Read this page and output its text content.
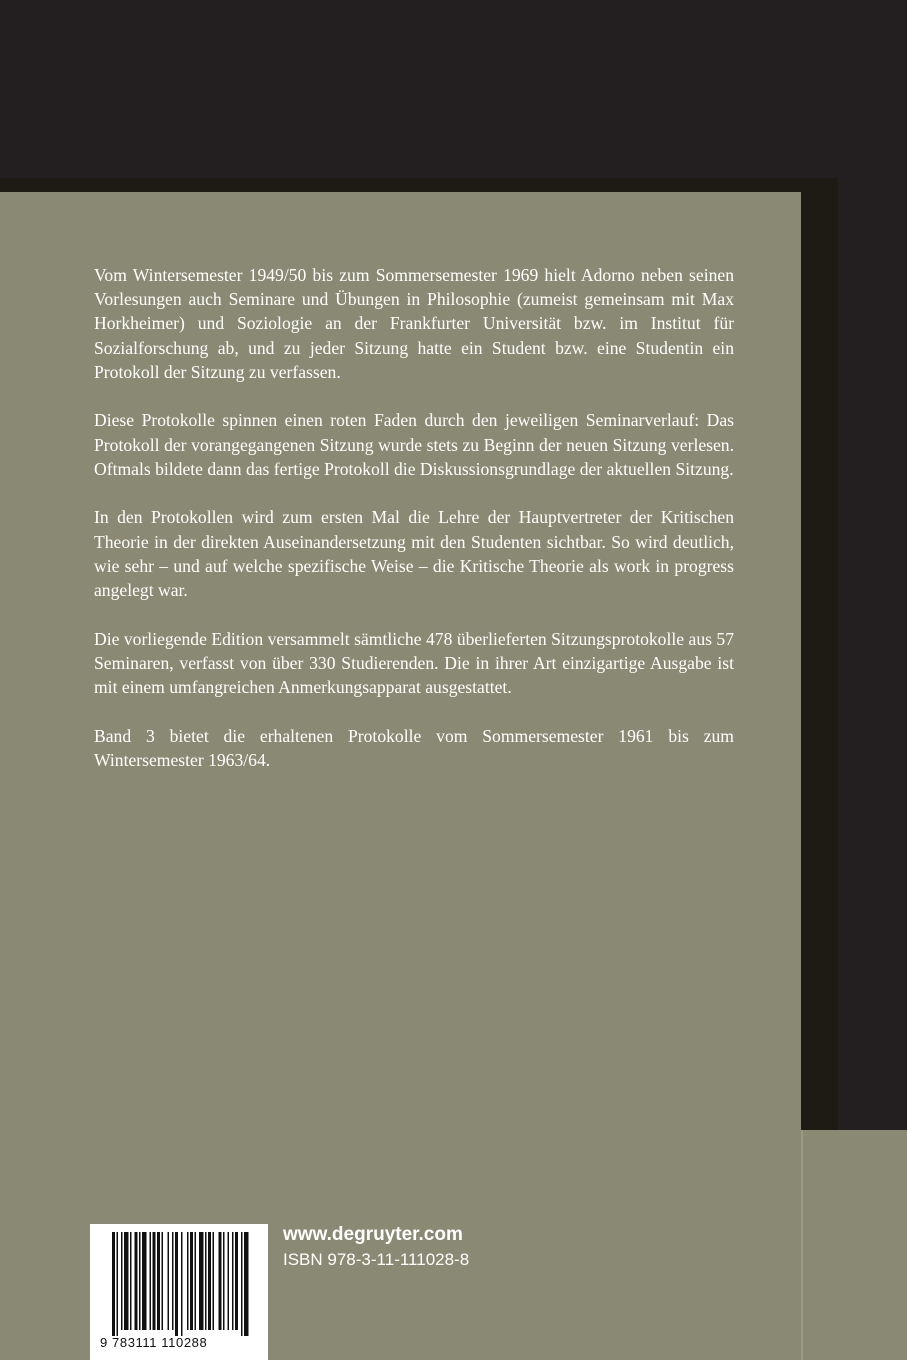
Vom Wintersemester 1949/50 bis zum Sommersemester 1969 hielt Adorno neben seinen Vorlesungen auch Seminare und Übungen in Philosophie (zumeist gemeinsam mit Max Horkheimer) und Soziologie an der Frankfurter Universität bzw. im Institut für Sozialforschung ab, und zu jeder Sitzung hatte ein Student bzw. eine Studentin ein Protokoll der Sitzung zu verfassen.

Diese Protokolle spinnen einen roten Faden durch den jeweiligen Seminarverlauf: Das Protokoll der vorangegangenen Sitzung wurde stets zu Beginn der neuen Sitzung verlesen. Oftmals bildete dann das fertige Protokoll die Diskussionsgrundlage der aktuellen Sitzung.

In den Protokollen wird zum ersten Mal die Lehre der Hauptvertreter der Kritischen Theorie in der direkten Auseinandersetzung mit den Studenten sichtbar. So wird deutlich, wie sehr – und auf welche spezifische Weise – die Kritische Theorie als work in progress angelegt war.

Die vorliegende Edition versammelt sämtliche 478 überlieferten Sitzungsprotokolle aus 57 Seminaren, verfasst von über 330 Studierenden. Die in ihrer Art einzigartige Ausgabe ist mit einem umfangreichen Anmerkungsapparat ausgestattet.

Band 3 bietet die erhaltenen Protokolle vom Sommersemester 1961 bis zum Wintersemester 1963/64.

9 783111 110288
www.degruyter.com
ISBN 978-3-11-111028-8
